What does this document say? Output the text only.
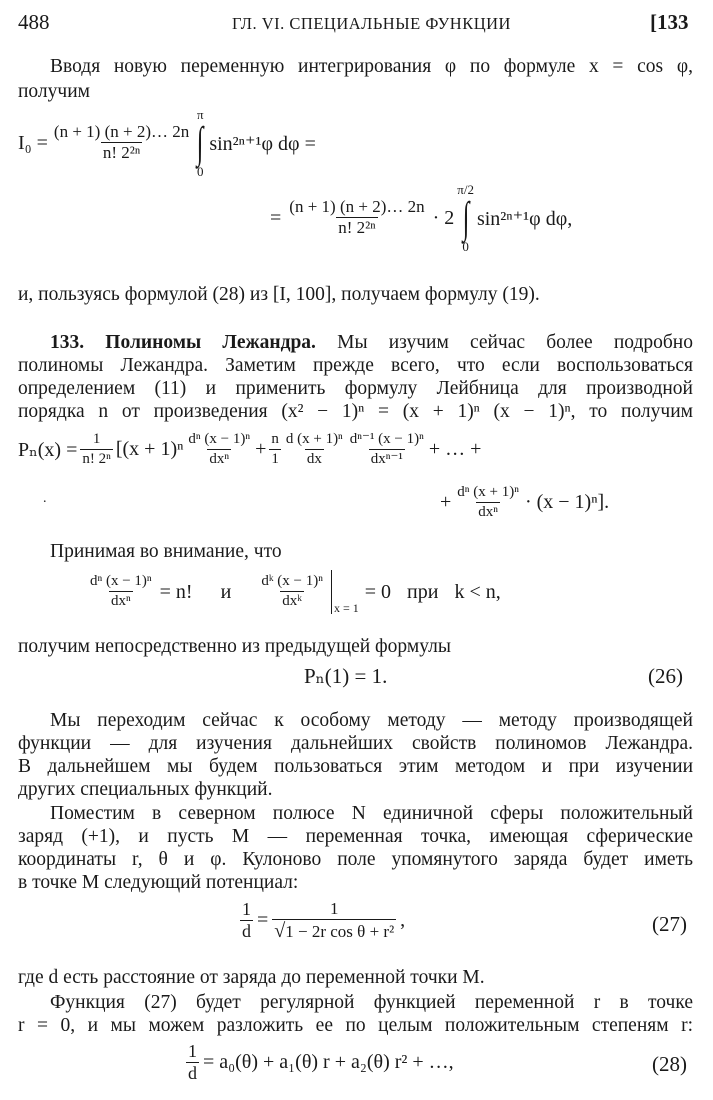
488	ГЛ. VI. СПЕЦИАЛЬНЫЕ ФУНКЦИИ	[133
Вводя новую переменную интегрирования φ по формуле x = cos φ,
получим
$I_0 = \frac{(n + 1) (n + 2)\dots 2n}{\text{n! 2²ⁿ}}$
π
∫
0
sin²ⁿ⁺¹φ dφ =
= $\frac{(n + 1) (n + 2)\dots 2n}{\text{n! 2²ⁿ}} \cdot 2$
π/2
∫
0
sin²ⁿ⁺¹φ dφ,
и, пользуясь формулой (28) из [I, 100], получаем формулу (19).
133. Полиномы Лежандра. Мы изучим сейчас более подробно
полиномы Лежандра. Заметим прежде всего, что если воспользоваться
определением (11) и применить формулу Лейбница для производной
порядка n от произведения (x² − 1)ⁿ = (x + 1)ⁿ (x − 1)ⁿ, то получим
$P_n(x) = \frac{1}{\text{n! 2ⁿ}} [(x + 1)^n \frac{\text{dⁿ (x − 1)ⁿ}}{\text{dxⁿ}} + \frac{n}{1} \frac{\text{d (x + 1)ⁿ}}{dx} \frac{\text{dⁿ⁻¹ (x − 1)ⁿ}}{\text{dxⁿ⁻¹}}$ + … +
+ $\frac{\text{dⁿ (x + 1)ⁿ}}{\text{dxⁿ}} \cdot (x - 1)^n$].
.
Принимая во внимание, что
$\frac{\text{dⁿ (x − 1)ⁿ}}{\text{dxⁿ}} = n$! и $\frac{\text{dᵏ (x − 1)ⁿ}}{\text{dxᵏ}}$ x = 1
= 0 при k < n,
получим непосредственно из предыдущей формулы
Pₙ(1) = 1.	(26)
Мы переходим сейчас к особому методу — методу производящей
функции — для изучения дальнейших свойств полиномов Лежандра.
В дальнейшем мы будем пользоваться этим методом и при изучении
других специальных функций.
Поместим в северном полюсе N единичной сферы положительный
заряд (+1), и пусть M — переменная точка, имеющая сферические
координаты r, θ и φ. Кулоново поле упомянутого заряда будет иметь
в точке M следующий потенциал:
$\frac{1}{d} = \frac{1}{\text{√ 1 − 2r cos θ + r²}}$ ,	(27)
где d есть расстояние от заряда до переменной точки M.
Функция (27) будет регулярной функцией переменной r в точке
r = 0, и мы можем разложить ее по целым положительным степеням r:
$\frac{1}{d} = a_0(\theta) + a_1(\theta) r + a_2(\theta) r^2$ + …,	(28)
